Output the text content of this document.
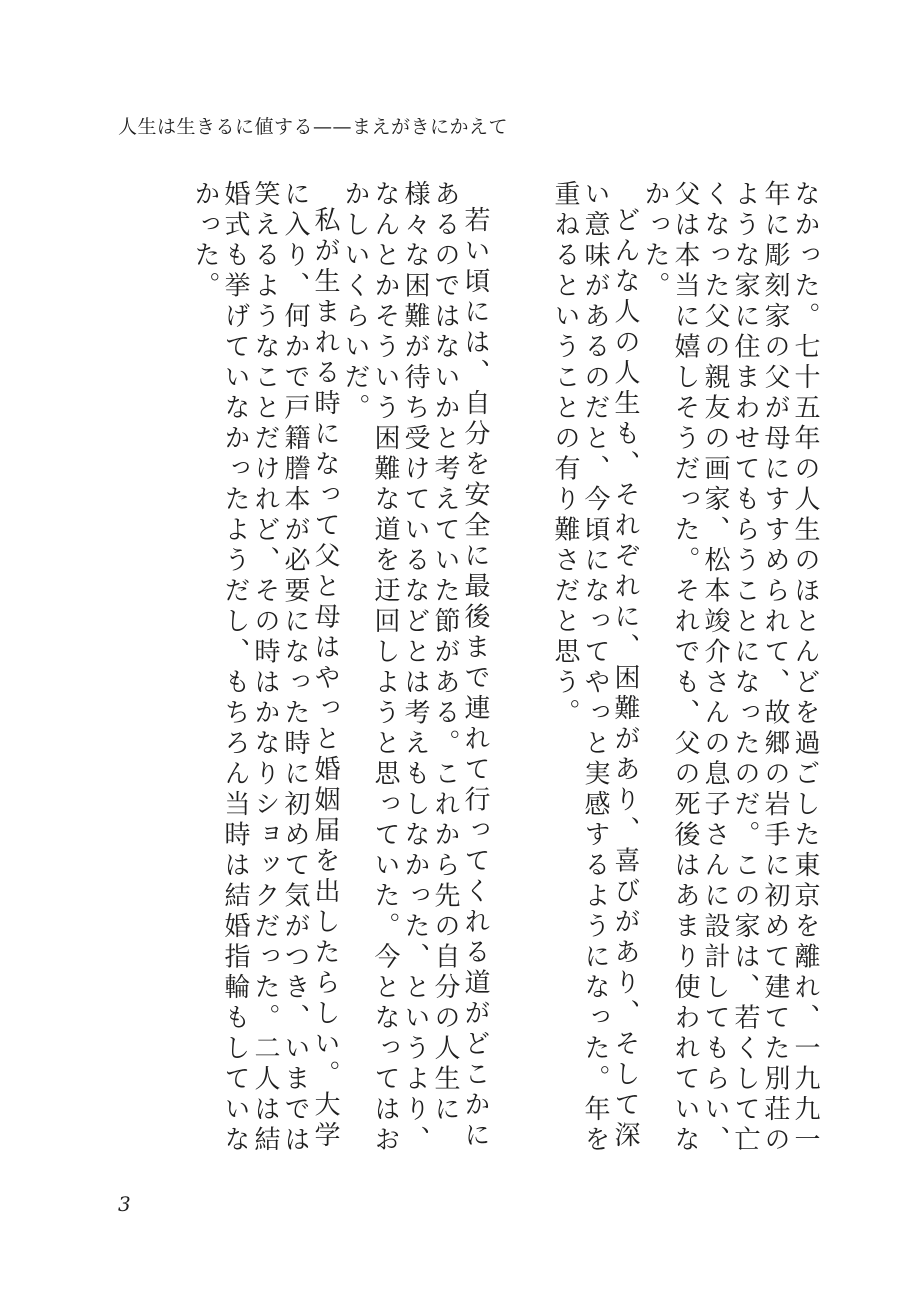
人生は生きるに値する——まえがきにかえて

なかった。七十五年の人生のほとんどを過ごした東京を離れ、一九九一年に彫刻家の父が母にすすめられて、故郷の岩手に初めて建てた別荘のような家に住まわせてもらうことになったのだ。この家は、若くして亡くなった父の親友の画家、松本竣介さんの息子さんに設計してもらい、父は本当に嬉しそうだった。それでも、父の死後はあまり使われていなかった。

どんな人の人生も、それぞれに、困難があり、喜びがあり、そして深い意味があるのだと、今頃になってやっと実感するようになった。年を重ねるということの有り難さだと思う。

若い頃には、自分を安全に最後まで連れて行ってくれる道がどこかにあるのではないかと考えていた節がある。これから先の自分の人生に様々な困難が待ち受けているなどとは考えもしなかった、というより、なんとかそういう困難な道を迂回しようと思っていた。今となってはおかしいくらいだ。

私が生まれる時になって父と母はやっと婚姻届を出したらしい。大学に入り、何かで戸籍謄本が必要になった時に初めて気がつき、いまでは笑えるようなことだけれど、その時はかなりショックだった。二人は結婚式も挙げていなかったようだし、もちろん当時は結婚指輪もしていなかった。

3
